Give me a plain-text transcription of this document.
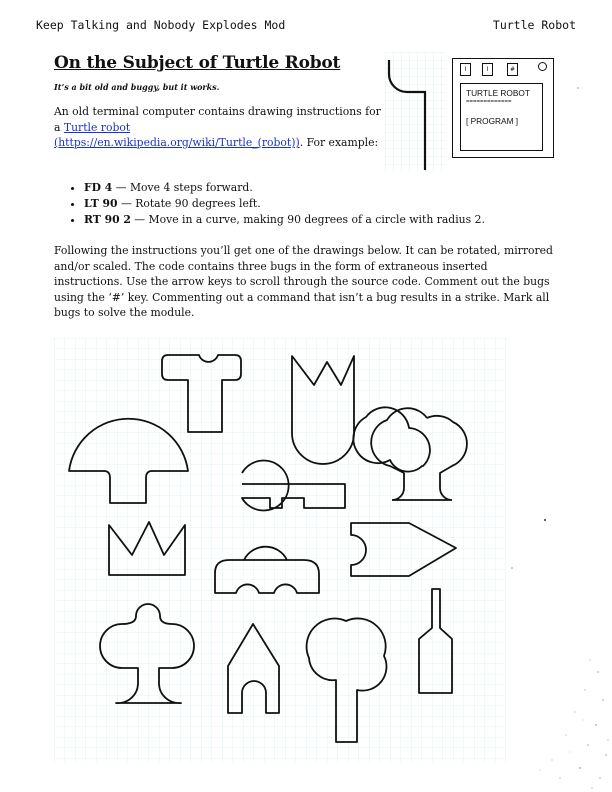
Keep Talking and Nobody Explodes Mod	Turtle Robot
On the Subject of Turtle Robot
It’s a bit old and buggy, but it works.

An old terminal computer contains drawing instructions for a Turtle robot
(https://en.wikipedia.org/wiki/Turtle_(robot)). For example:

• FD 4 — Move 4 steps forward.
• LT 90 — Rotate 90 degrees left.
• RT 90 2 — Move in a curve, making 90 degrees of a circle with radius 2.

Following the instructions you’ll get one of the drawings below. It can be rotated, mirrored and/or scaled. The code contains three bugs in the form of extraneous inserted instructions. Use the arrow keys to scroll through the source code. Comment out the bugs using the ‘#’ key. Commenting out a command that isn’t a bug results in a strike. Mark all bugs to solve the module.

I	I	#
TURTLE ROBOT
=============
[ PROGRAM ]
